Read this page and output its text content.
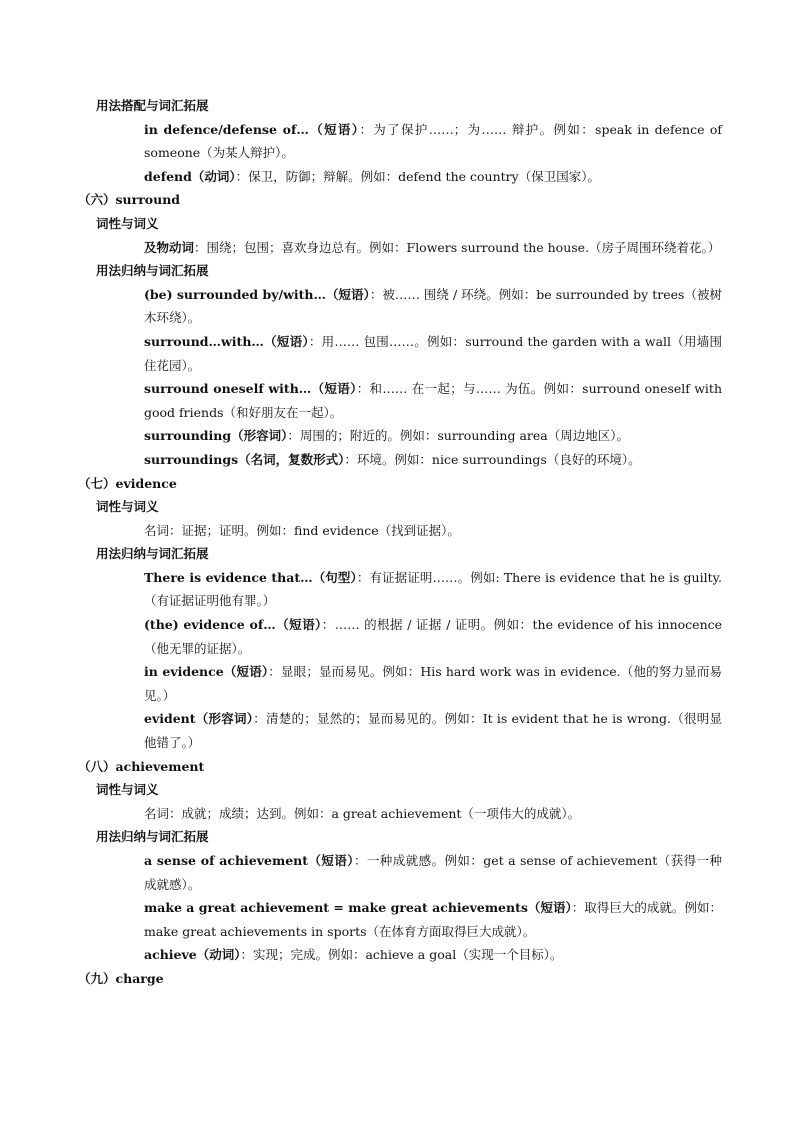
用法搭配与词汇拓展
in defence/defense of…（短语）：为了保护……；为…… 辩护。例如：speak in defence of someone（为某人辩护）。
defend（动词）：保卫，防御；辩解。例如：defend the country（保卫国家）。
（六）surround
词性与词义
及物动词：围绕；包围；喜欢身边总有。例如：Flowers surround the house.（房子周围环绕着花。）
用法归纳与词汇拓展
(be) surrounded by/with…（短语）：被…… 围绕 / 环绕。例如：be surrounded by trees（被树木环绕）。
surround…with…（短语）：用…… 包围……。例如：surround the garden with a wall（用墙围住花园）。
surround oneself with…（短语）：和…… 在一起；与…… 为伍。例如：surround oneself with good friends（和好朋友在一起）。
surrounding（形容词）：周围的；附近的。例如：surrounding area（周边地区）。
surroundings（名词，复数形式）：环境。例如：nice surroundings（良好的环境）。
（七）evidence
词性与词义
名词：证据；证明。例如：find evidence（找到证据）。
用法归纳与词汇拓展
There is evidence that…（句型）：有证据证明……。例如: There is evidence that he is guilty.（有证据证明他有罪。）
(the) evidence of…（短语）：…… 的根据 / 证据 / 证明。例如：the evidence of his innocence（他无罪的证据）。
in evidence（短语）：显眼；显而易见。例如：His hard work was in evidence.（他的努力显而易见。）
evident（形容词）：清楚的；显然的；显而易见的。例如：It is evident that he is wrong.（很明显他错了。）
（八）achievement
词性与词义
名词：成就；成绩；达到。例如：a great achievement（一项伟大的成就）。
用法归纳与词汇拓展
a sense of achievement（短语）：一种成就感。例如：get a sense of achievement（获得一种成就感）。
make a great achievement = make great achievements（短语）：取得巨大的成就。例如：make great achievements in sports（在体育方面取得巨大成就）。
achieve（动词）：实现；完成。例如：achieve a goal（实现一个目标）。
（九）charge
